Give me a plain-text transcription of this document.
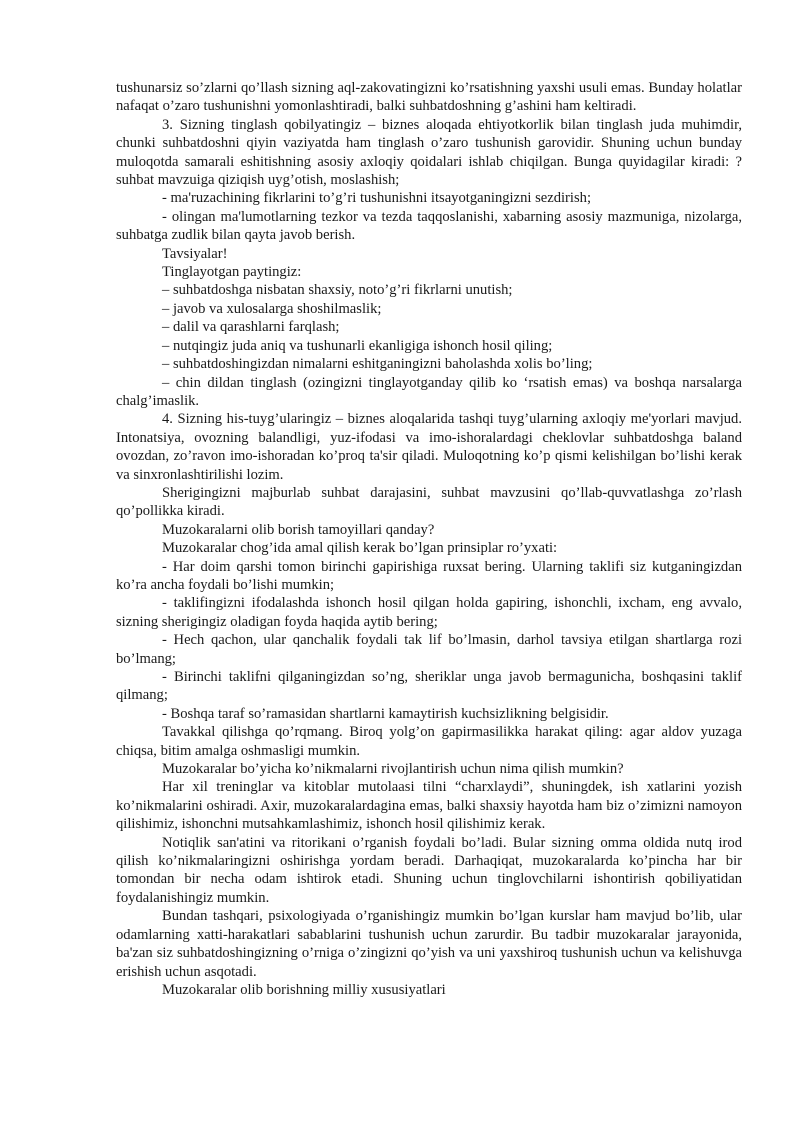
tushunarsiz so’zlarni qo’llash sizning aql-zakovatingizni ko’rsatishning yaxshi usuli emas. Bunday holatlar nafaqat o’zaro tushunishni yomonlashtiradi, balki suhbatdoshning g’ashini ham keltiradi.

3. Sizning tinglash qobilyatingiz – biznes aloqada ehtiyotkorlik bilan tinglash juda muhimdir, chunki suhbatdoshni qiyin vaziyatda ham tinglash o’zaro tushunish garovidir. Shuning uchun bunday muloqotda samarali eshitishning asosiy axloqiy qoidalari ishlab chiqilgan. Bunga quyidagilar kiradi: ? suhbat mavzuiga qiziqish uyg’otish, moslashish;

- ma'ruzachining fikrlarini to’g’ri tushunishni itsayotganingizni sezdirish;

- olingan ma'lumotlarning tezkor va tezda taqqoslanishi, xabarning asosiy mazmuniga, nizolarga, suhbatga zudlik bilan qayta javob berish.

Tavsiyalar!

Tinglayotgan paytingiz:

– suhbatdoshga nisbatan shaxsiy, noto’g’ri fikrlarni unutish;

– javob va xulosalarga shoshilmaslik;

– dalil va qarashlarni farqlash;

– nutqingiz juda aniq va tushunarli ekanligiga ishonch hosil qiling;

– suhbatdoshingizdan nimalarni eshitganingizni baholashda xolis bo’ling;

– chin dildan tinglash (ozingizni tinglayotganday qilib ko ‘rsatish emas) va boshqa narsalarga chalg’imaslik.

4. Sizning his-tuyg’ularingiz – biznes aloqalarida tashqi tuyg’ularning axloqiy me'yorlari mavjud. Intonatsiya, ovozning balandligi, yuz-ifodasi va imo-ishoralardagi cheklovlar suhbatdoshga baland ovozdan, zo’ravon imo-ishoradan ko’proq ta'sir qiladi. Muloqotning ko’p qismi kelishilgan bo’lishi kerak va sinxronlashtirilishi lozim.

Sherigingizni majburlab suhbat darajasini, suhbat mavzusini qo’llab-quvvatlashga zo’rlash qo’pollikka kiradi.

Muzokaralarni olib borish tamoyillari qanday?

Muzokaralar chog’ida amal qilish kerak bo’lgan prinsiplar ro’yxati:

- Har doim qarshi tomon birinchi gapirishiga ruxsat bering. Ularning taklifi siz kutganingizdan ko’ra ancha foydali bo’lishi mumkin;

- taklifingizni ifodalashda ishonch hosil qilgan holda gapiring, ishonchli, ixcham, eng avvalo, sizning sherigingiz oladigan foyda haqida aytib bering;

- Hech qachon, ular qanchalik foydali tak lif bo’lmasin, darhol tavsiya etilgan shartlarga rozi bo’lmang;

- Birinchi taklifni qilganingizdan so’ng, sheriklar unga javob bermagunicha, boshqasini taklif qilmang;

- Boshqa taraf so’ramasidan shartlarni kamaytirish kuchsizlikning belgisidir.

Tavakkal qilishga qo’rqmang. Biroq yolg’on gapirmasilikka harakat qiling: agar aldov yuzaga chiqsa, bitim amalga oshmasligi mumkin.

Muzokaralar bo’yicha ko’nikmalarni rivojlantirish uchun nima qilish mumkin?

Har xil treninglar va kitoblar mutolaasi tilni “charxlaydi”, shuningdek, ish xatlarini yozish ko’nikmalarini oshiradi. Axir, muzokaralardagina emas, balki shaxsiy hayotda ham biz o’zimizni namoyon qilishimiz, ishonchni mutsahkamlashimiz, ishonch hosil qilishimiz kerak.

Notiqlik san'atini va ritorikani o’rganish foydali bo’ladi. Bular sizning omma oldida nutq irod qilish ko’nikmalaringizni oshirishga yordam beradi. Darhaqiqat, muzokaralarda ko’pincha har bir tomondan bir necha odam ishtirok etadi. Shuning uchun tinglovchilarni ishontirish qobiliyatidan foydalanishingiz mumkin.

Bundan tashqari, psixologiyada o’rganishingiz mumkin bo’lgan kurslar ham mavjud bo’lib, ular odamlarning xatti-harakatlari sabablarini tushunish uchun zarurdir. Bu tadbir muzokaralar jarayonida, ba'zan siz suhbatdoshingizning o’rniga o’zingizni qo’yish va uni yaxshiroq tushunish uchun va kelishuvga erishish uchun asqotadi.

Muzokaralar olib borishning milliy xususiyatlari
